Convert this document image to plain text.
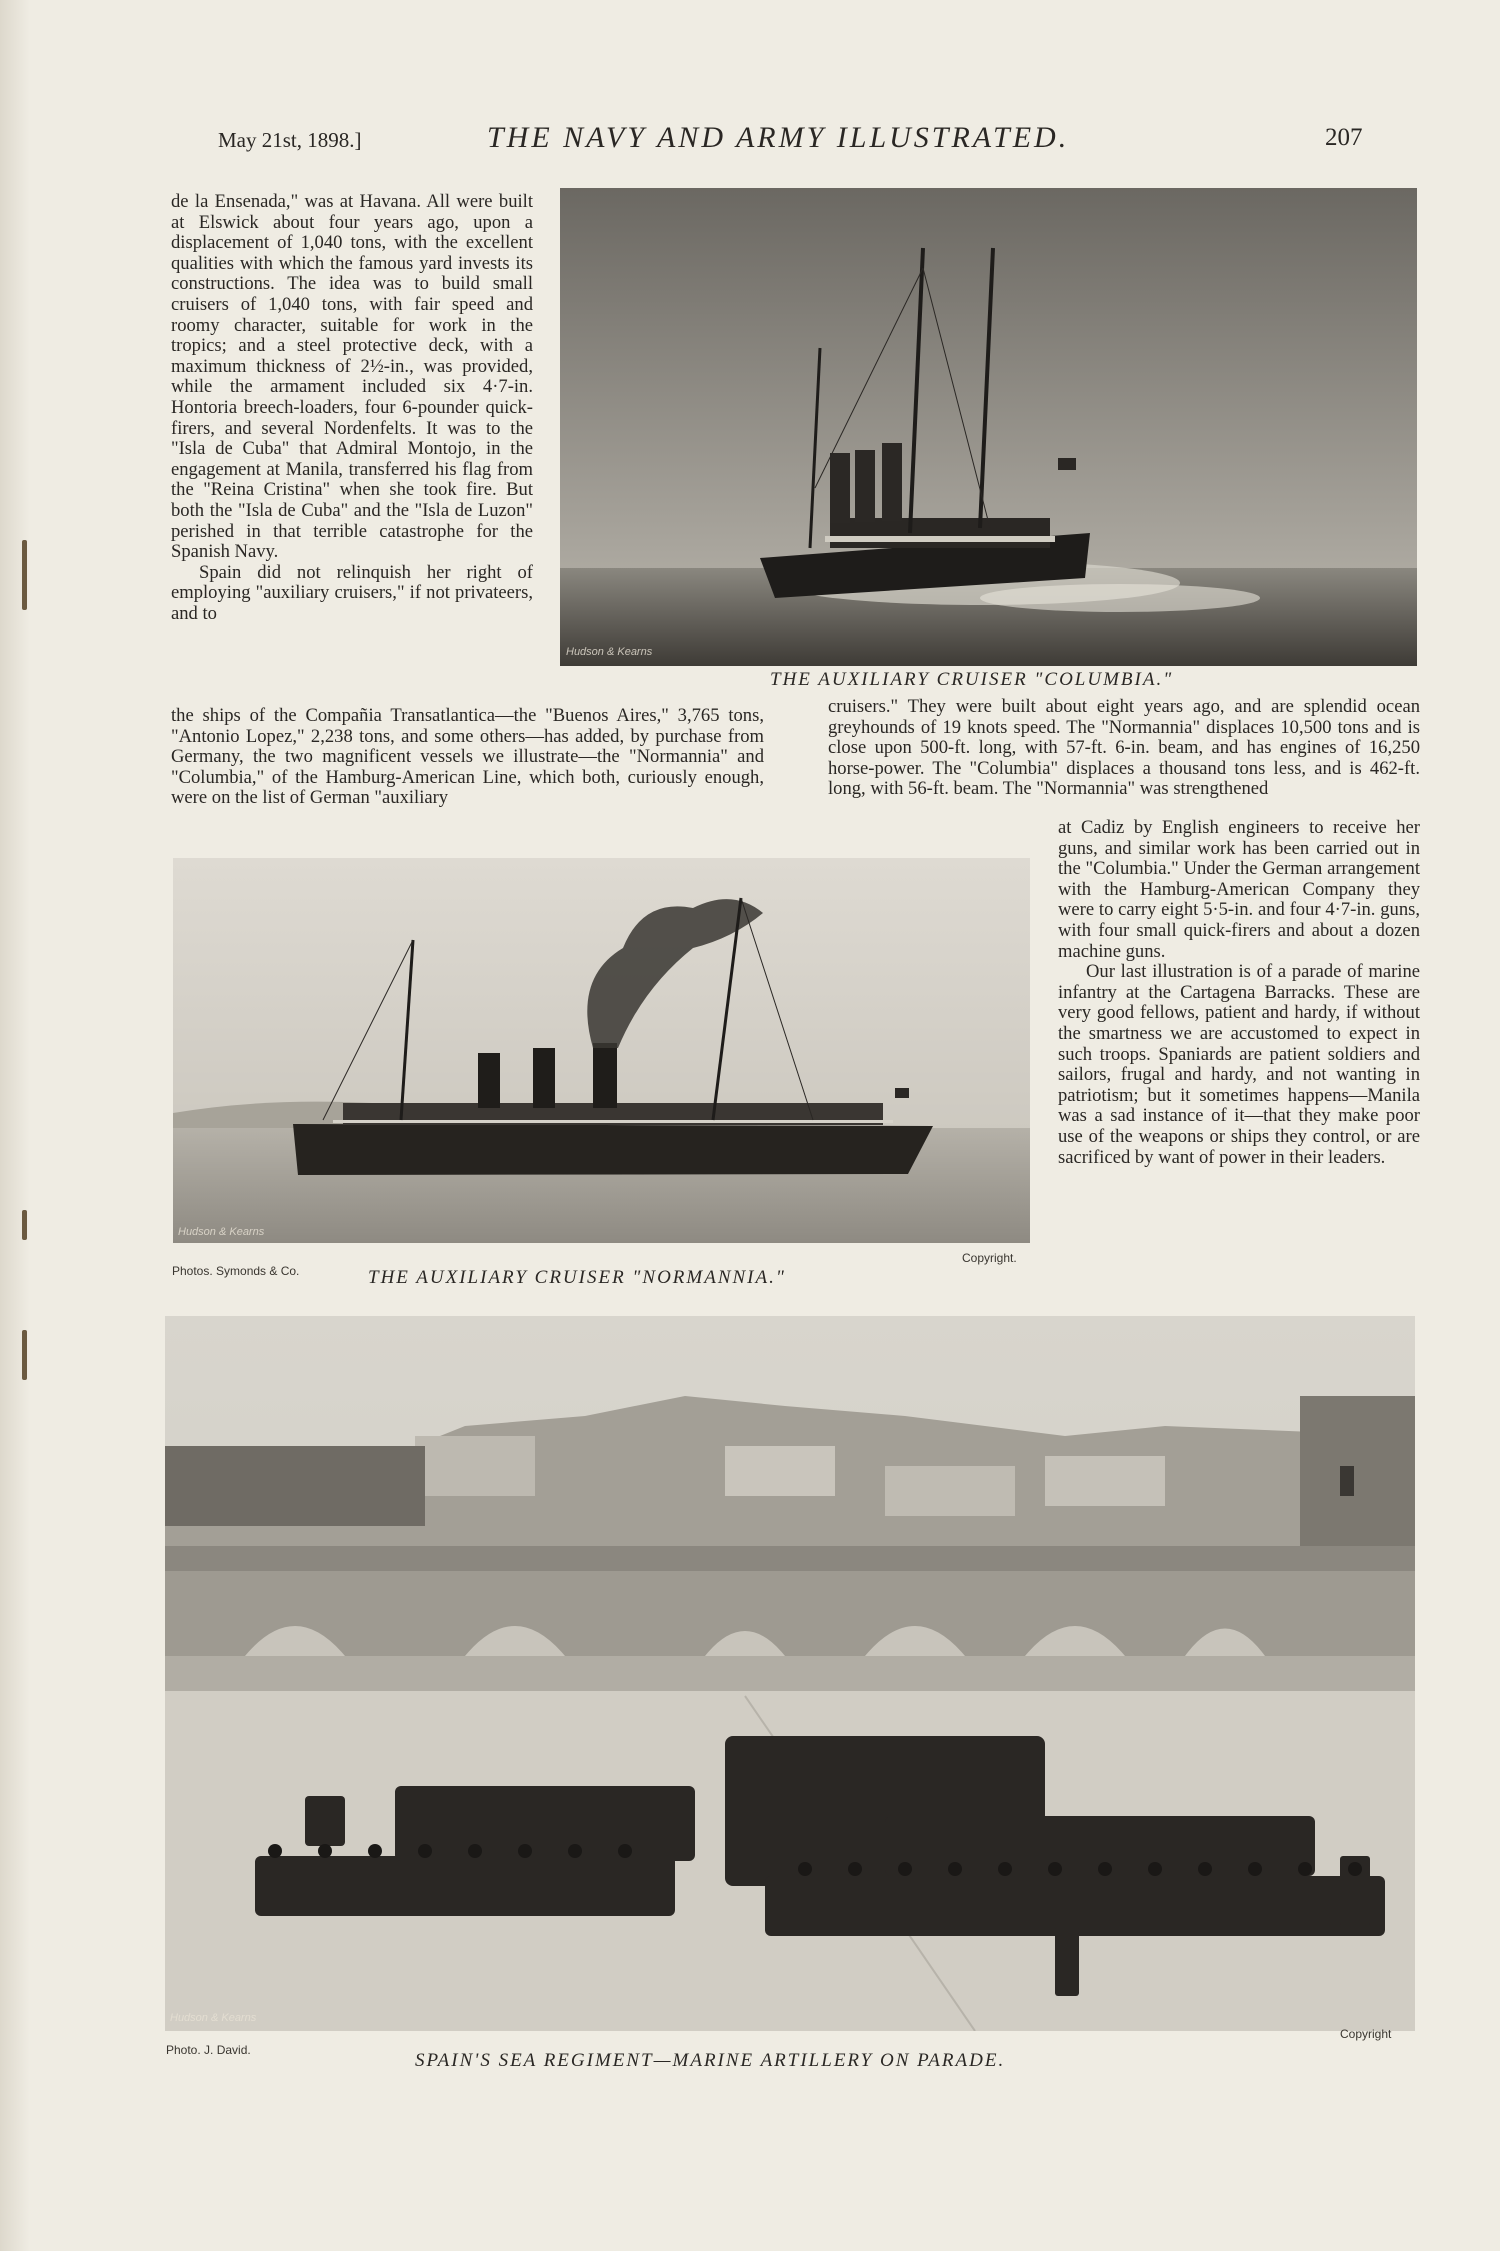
May 21st, 1898.]	THE NAVY AND ARMY ILLUSTRATED.	207

de la Ensenada," was at Havana. All were built at Elswick about four years ago, upon a displacement of 1,040 tons, with the excellent qualities with which the famous yard invests its constructions. The idea was to build small cruisers of 1,040 tons, with fair speed and roomy character, suitable for work in the tropics; and a steel protective deck, with a maximum thickness of 2½-in., was provided, while the armament included six 4·7-in. Hontoria breech-loaders, four 6-pounder quick-firers, and several Nordenfelts. It was to the "Isla de Cuba" that Admiral Montojo, in the engagement at Manila, transferred his flag from the "Reina Cristina" when she took fire. But both the "Isla de Cuba" and the "Isla de Luzon" perished in that terrible catastrophe for the Spanish Navy.

Spain did not relinquish her right of employing "auxiliary cruisers," if not privateers, and to

the ships of the Compañia Transatlantica—the "Buenos Aires," 3,765 tons, "Antonio Lopez," 2,238 tons, and some others—has added, by purchase from Germany, the two magnificent vessels we illustrate—the "Normannia" and "Columbia," of the Hamburg-American Line, which both, curiously enough, were on the list of German "auxiliary

Hudson & Kearns
THE AUXILIARY CRUISER "COLUMBIA."

cruisers." They were built about eight years ago, and are splendid ocean greyhounds of 19 knots speed. The "Normannia" displaces 10,500 tons and is close upon 500-ft. long, with 57-ft. 6-in. beam, and has engines of 16,250 horse-power. The "Columbia" displaces a thousand tons less, and is 462-ft. long, with 56-ft. beam. The "Normannia" was strengthened

at Cadiz by English engineers to receive her guns, and similar work has been carried out in the "Columbia." Under the German arrangement with the Hamburg-American Company they were to carry eight 5·5-in. and four 4·7-in. guns, with four small quick-firers and about a dozen machine guns.

Our last illustration is of a parade of marine infantry at the Cartagena Barracks. These are very good fellows, patient and hardy, if without the smartness we are accustomed to expect in such troops. Spaniards are patient soldiers and sailors, frugal and hardy, and not wanting in patriotism; but it sometimes happens—Manila was a sad instance of it—that they make poor use of the weapons or ships they control, or are sacrificed by want of power in their leaders.

Hudson & Kearns
Photos. Symonds & Co.
Copyright.
THE AUXILIARY CRUISER "NORMANNIA."
Hudson & Kearns
Photo. J. David.
Copyright
SPAIN'S SEA REGIMENT—MARINE ARTILLERY ON PARADE.
